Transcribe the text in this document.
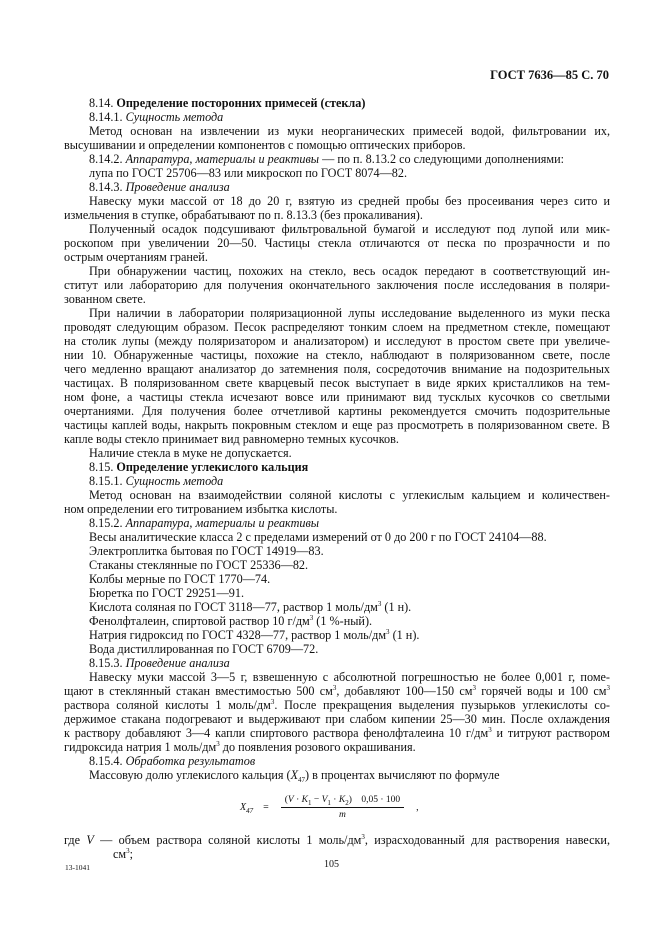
ГОСТ 7636—85 С. 70
8.14. Определение посторонних примесей (стекла)
8.14.1. Сущность метода
Метод основан на извлечении из муки неорганических примесей водой, фильтровании их,
высушивании и определении компонентов с помощью оптических приборов.
8.14.2. Аппаратура, материалы и реактивы — по п. 8.13.2 со следующими дополнениями:
лупа по ГОСТ 25706—83 или микроскоп по ГОСТ 8074—82.
8.14.3. Проведение анализа
Навеску муки массой от 18 до 20 г, взятую из средней пробы без просеивания через сито и
измельчения в ступке, обрабатывают по п. 8.13.3 (без прокаливания).
Полученный осадок подсушивают фильтровальной бумагой и исследуют под лупой или мик-
роскопом при увеличении 20—50. Частицы стекла отличаются от песка по прозрачности и по
острым очертаниям граней.
При обнаружении частиц, похожих на стекло, весь осадок передают в соответствующий ин-
ститут или лабораторию для получения окончательного заключения после исследования в поляри-
зованном свете.
При наличии в лаборатории поляризационной лупы исследование выделенного из муки песка
проводят следующим образом. Песок распределяют тонким слоем на предметном стекле, помещают
на столик лупы (между поляризатором и анализатором) и исследуют в простом свете при увеличе-
нии 10. Обнаруженные частицы, похожие на стекло, наблюдают в поляризованном свете, после
чего медленно вращают анализатор до затемнения поля, сосредоточив внимание на подозрительных
частицах. В поляризованном свете кварцевый песок выступает в виде ярких кристалликов на тем-
ном фоне, а частицы стекла исчезают вовсе или принимают вид тусклых кусочков со светлыми
очертаниями. Для получения более отчетливой картины рекомендуется смочить подозрительные
частицы каплей воды, накрыть покровным стеклом и еще раз просмотреть в поляризованном свете. В
капле воды стекло принимает вид равномерно темных кусочков.
Наличие стекла в муке не допускается.
8.15. Определение углекислого кальция
8.15.1. Сущность метода
Метод основан на взаимодействии соляной кислоты с углекислым кальцием и количествен-
ном определении его титрованием избытка кислоты.
8.15.2. Аппаратура, материалы и реактивы
Весы аналитические класса 2 с пределами измерений от 0 до 200 г по ГОСТ 24104—88.
Электроплитка бытовая по ГОСТ 14919—83.
Стаканы стеклянные по ГОСТ 25336—82.
Колбы мерные по ГОСТ 1770—74.
Бюретка по ГОСТ 29251—91.
Кислота соляная по ГОСТ 3118—77, раствор 1 моль/$дм^3$ (1 н).
Фенолфталеин, спиртовой раствор 10 $г/дм^3$ (1 %-ный).
Натрия гидроксид по ГОСТ 4328—77, раствор 1 моль/$дм^3$ (1 н).
Вода дистиллированная по ГОСТ 6709—72.
8.15.3. Проведение анализа
Навеску муки массой 3—5 г, взвешенную с абсолютной погрешностью не более 0,001 г, поме-
щают в стеклянный стакан вместимостью 500 $см^3$, добавляют 100—150 $см^3$ горячей воды и 100 $см^3$
раствора соляной кислоты 1 моль/$дм^3$. После прекращения выделения пузырьков углекислоты со-
держимое стакана подогревают и выдерживают при слабом кипении 25—30 мин. После охлаждения
к раствору добавляют 3—4 капли спиртового раствора фенолфталеина 10 $г/дм^3$ и титруют раствором
гидроксида натрия 1 моль/$дм^3$ до появления розового окрашивания.
8.15.4. Обработка результатов
Массовую долю углекислого кальция $(X_{47})$ в процентах вычисляют по формуле
$X_{47} = \frac{(V \cdot K_1 - V_1 \cdot K_2) 0,05 \cdot 100}{m}$ ,
где V — объем раствора соляной кислоты 1 моль/$дм^3$, израсходованный для растворения навески,
$см^3$;
13-1041	105
